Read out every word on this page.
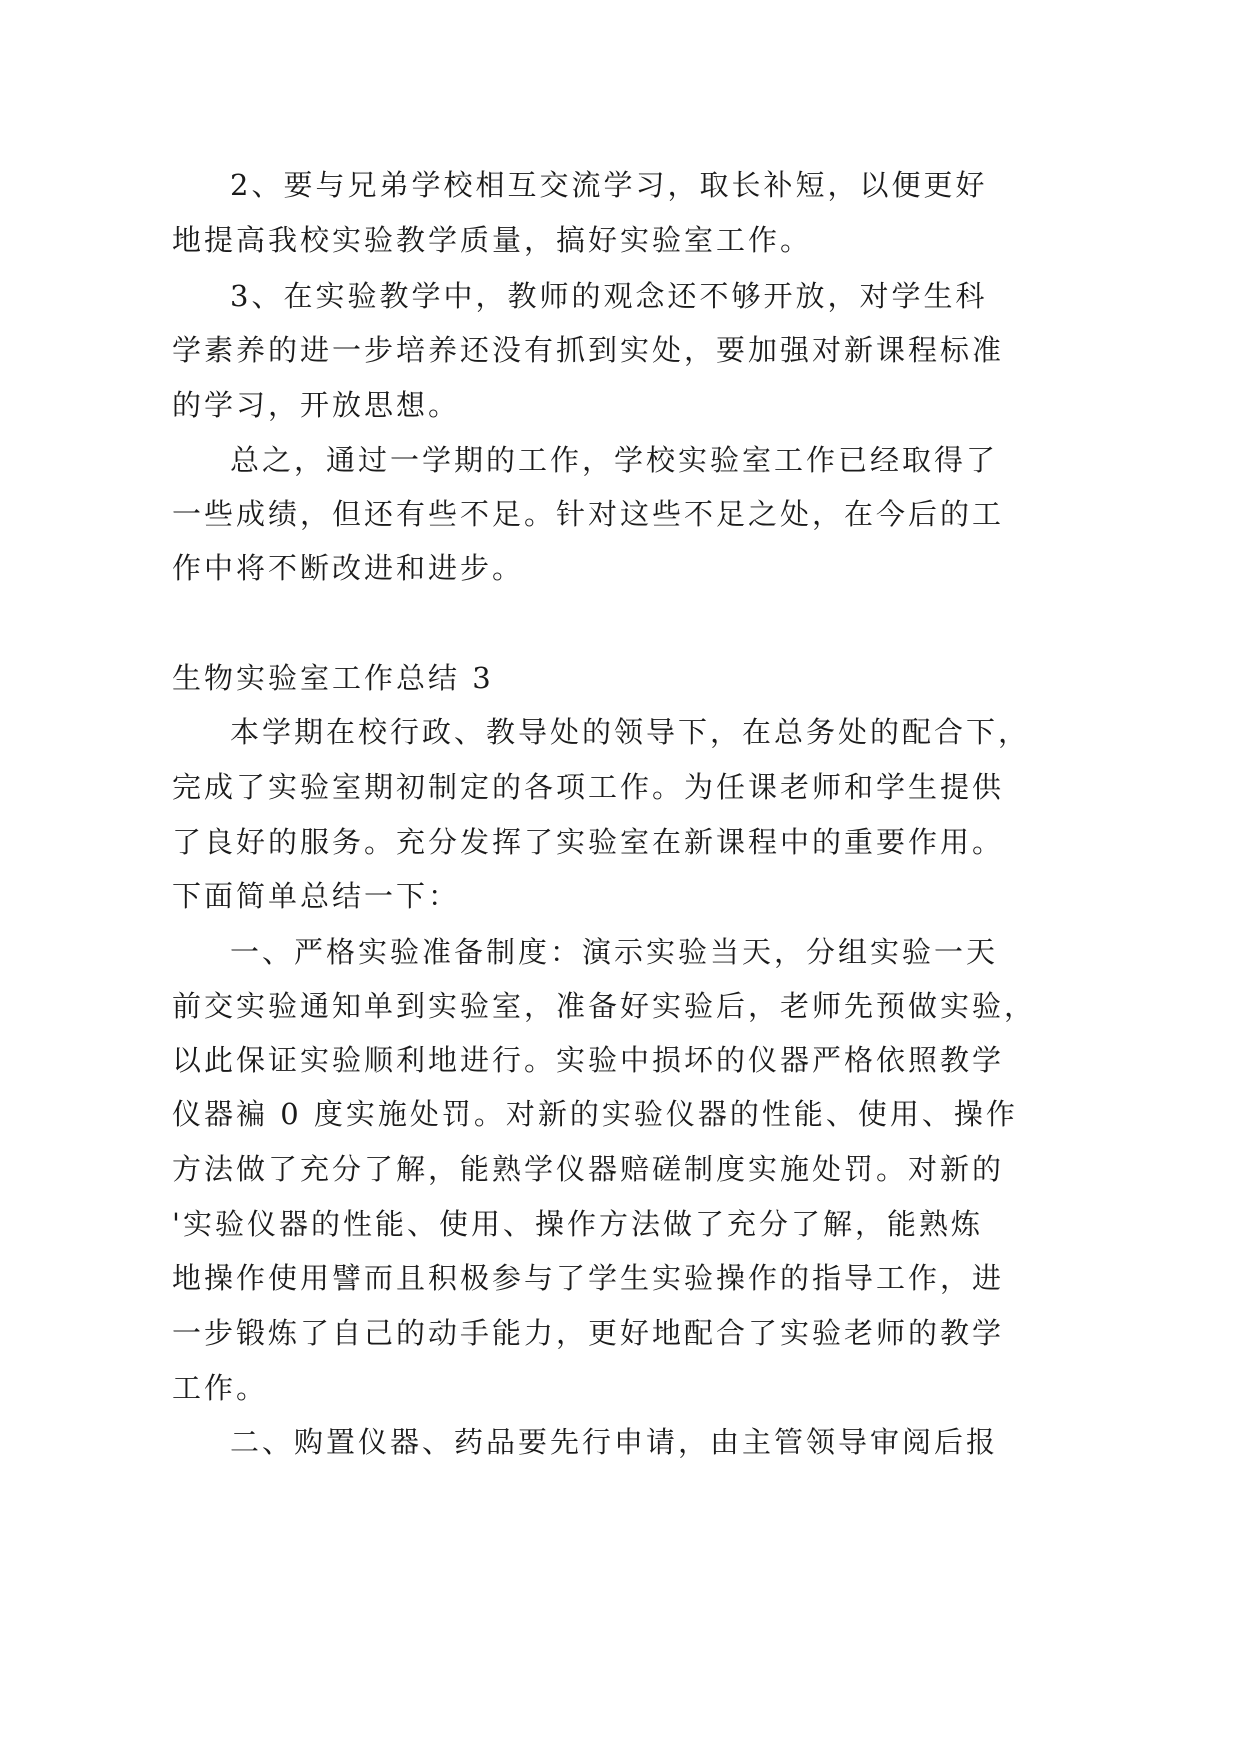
2、要与兄弟学校相互交流学习，取长补短，以便更好
地提高我校实验教学质量，搞好实验室工作。
3、在实验教学中，教师的观念还不够开放，对学生科
学素养的进一步培养还没有抓到实处，要加强对新课程标准
的学习，开放思想。
总之，通过一学期的工作，学校实验室工作已经取得了
一些成绩，但还有些不足。针对这些不足之处，在今后的工
作中将不断改进和进步。
生物实验室工作总结 3
本学期在校行政、教导处的领导下，在总务处的配合下，
完成了实验室期初制定的各项工作。为任课老师和学生提供
了良好的服务。充分发挥了实验室在新课程中的重要作用。
下面简单总结一下：
一、严格实验准备制度：演示实验当天，分组实验一天
前交实验通知单到实验室，准备好实验后，老师先预做实验，
以此保证实验顺利地进行。实验中损坏的仪器严格依照教学
仪器褊 0 度实施处罚。对新的实验仪器的性能、使用、操作
方法做了充分了解，能熟学仪器赔磋制度实施处罚。对新的
'实验仪器的性能、使用、操作方法做了充分了解，能熟炼
地操作使用譬而且积极参与了学生实验操作的指导工作，进
一步锻炼了自己的动手能力，更好地配合了实验老师的教学
工作。
二、购置仪器、药品要先行申请，由主管领导审阅后报
